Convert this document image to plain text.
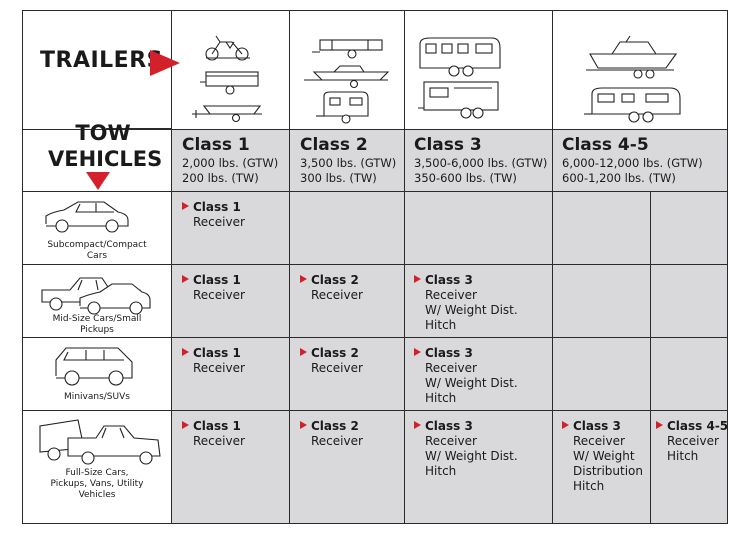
TRAILERS
TOW
VEHICLES
Class 1
2,000 lbs. (GTW)
200 lbs. (TW)
Class 2
3,500 lbs. (GTW)
300 lbs. (TW)
Class 3
3,500-6,000 lbs. (GTW)
350-600 lbs. (TW)
Class 4-5
6,000-12,000 lbs. (GTW)
600-1,200 lbs. (TW)
Subcompact/Compact
Cars
Mid-Size Cars/Small
Pickups
Minivans/SUVs
Full-Size Cars,
Pickups, Vans, Utility
Vehicles
Class 1
Receiver
Class 1
Receiver
Class 2
Receiver
Class 3
Receiver
W/ Weight Dist.
Hitch
Class 1
Receiver
Class 2
Receiver
Class 3
Receiver
W/ Weight Dist.
Hitch
Class 1
Receiver
Class 2
Receiver
Class 3
Receiver
W/ Weight Dist.
Hitch
Class 3
Receiver
W/ Weight
Distribution
Hitch
Class 4-5
Receiver
Hitch
